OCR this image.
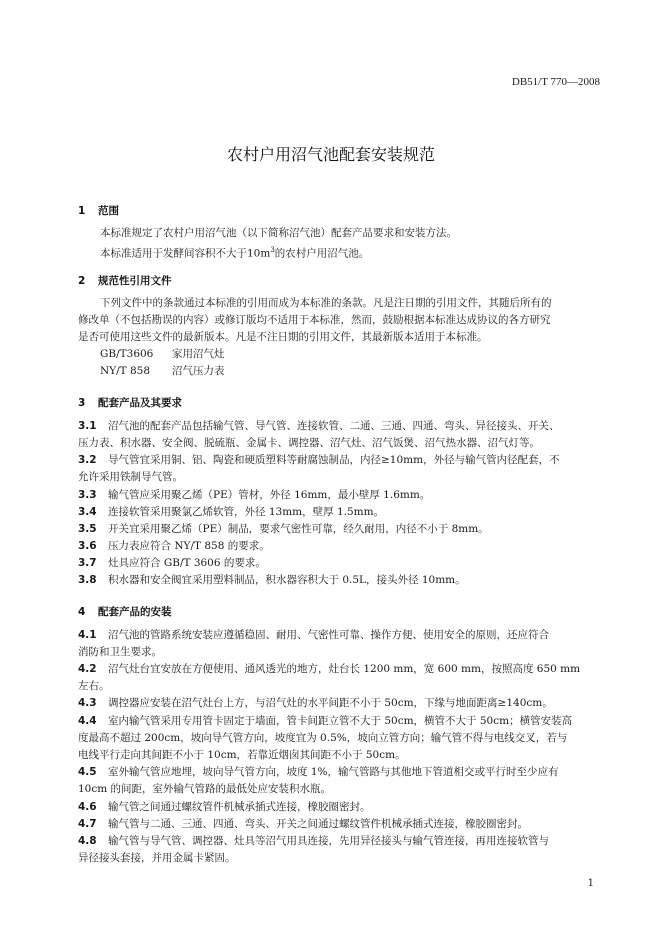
DB51/T 770—2008
农村户用沼气池配套安装规范
1 范围
本标准规定了农村户用沼气池（以下简称沼气池）配套产品要求和安装方法。
本标准适用于发酵间容积不大于$10m^3$的农村户用沼气池。
2 规范性引用文件
下列文件中的条款通过本标准的引用而成为本标准的条款。凡是注日期的引用文件，其随后所有的
修改单（不包括勘误的内容）或修订版均不适用于本标准，然而，鼓励根据本标准达成协议的各方研究
是否可使用这些文件的最新版本。凡是不注日期的引用文件，其最新版本适用于本标准。
GB/T3606 家用沼气灶
NY/T 858 沼气压力表
3 配套产品及其要求
3.1 沼气池的配套产品包括输气管、导气管、连接软管、二通、三通、四通、弯头、异径接头、开关、
压力表、积水器、安全阀、脱硫瓶、金属卡、调控器、沼气灶、沼气饭煲、沼气热水器、沼气灯等。
3.2 导气管宜采用铜、铝、陶瓷和硬质塑料等耐腐蚀制品，内径≥10mm，外径与输气管内径配套，不
允许采用铁制导气管。
3.3 输气管应采用聚乙烯（PE）管材，外径 16mm，最小壁厚 1.6mm。
3.4 连接软管采用聚氯乙烯软管，外径 13mm，壁厚 1.5mm。
3.5 开关宜采用聚乙烯（PE）制品，要求气密性可靠，经久耐用，内径不小于 8mm。
3.6 压力表应符合 NY/T 858 的要求。
3.7 灶具应符合 GB/T 3606 的要求。
3.8 积水器和安全阀宜采用塑料制品，积水器容积大于 0.5L，接头外径 10mm。
4 配套产品的安装
4.1 沼气池的管路系统安装应遵循稳固、耐用、气密性可靠、操作方便、使用安全的原则，还应符合
消防和卫生要求。
4.2 沼气灶台宜安放在方便使用、通风透光的地方，灶台长 1200 mm，宽 600 mm，按照高度 650 mm
左右。
4.3 调控器应安装在沼气灶台上方，与沼气灶的水平间距不小于 50cm，下缘与地面距离≥140cm。
4.4 室内输气管采用专用管卡固定于墙面，管卡间距立管不大于 50cm，横管不大于 50cm；横管安装高
度最高不超过 200cm，坡向导气管方向，坡度宜为 0.5%，坡向立管方向；输气管不得与电线交叉，若与
电线平行走向其间距不小于 10cm，若靠近烟囱其间距不小于 50cm。
4.5 室外输气管应地埋，坡向导气管方向，坡度 1%，输气管路与其他地下管道相交或平行时至少应有
10cm 的间距，室外输气管路的最低处应安装积水瓶。
4.6 输气管之间通过螺纹管件机械承插式连接，橡胶圈密封。
4.7 输气管与二通、三通、四通、弯头、开关之间通过螺纹管件机械承插式连接，橡胶圈密封。
4.8 输气管与导气管、调控器、灶具等沼气用具连接，先用异径接头与输气管连接，再用连接软管与
异径接头套接，并用金属卡紧固。
1
